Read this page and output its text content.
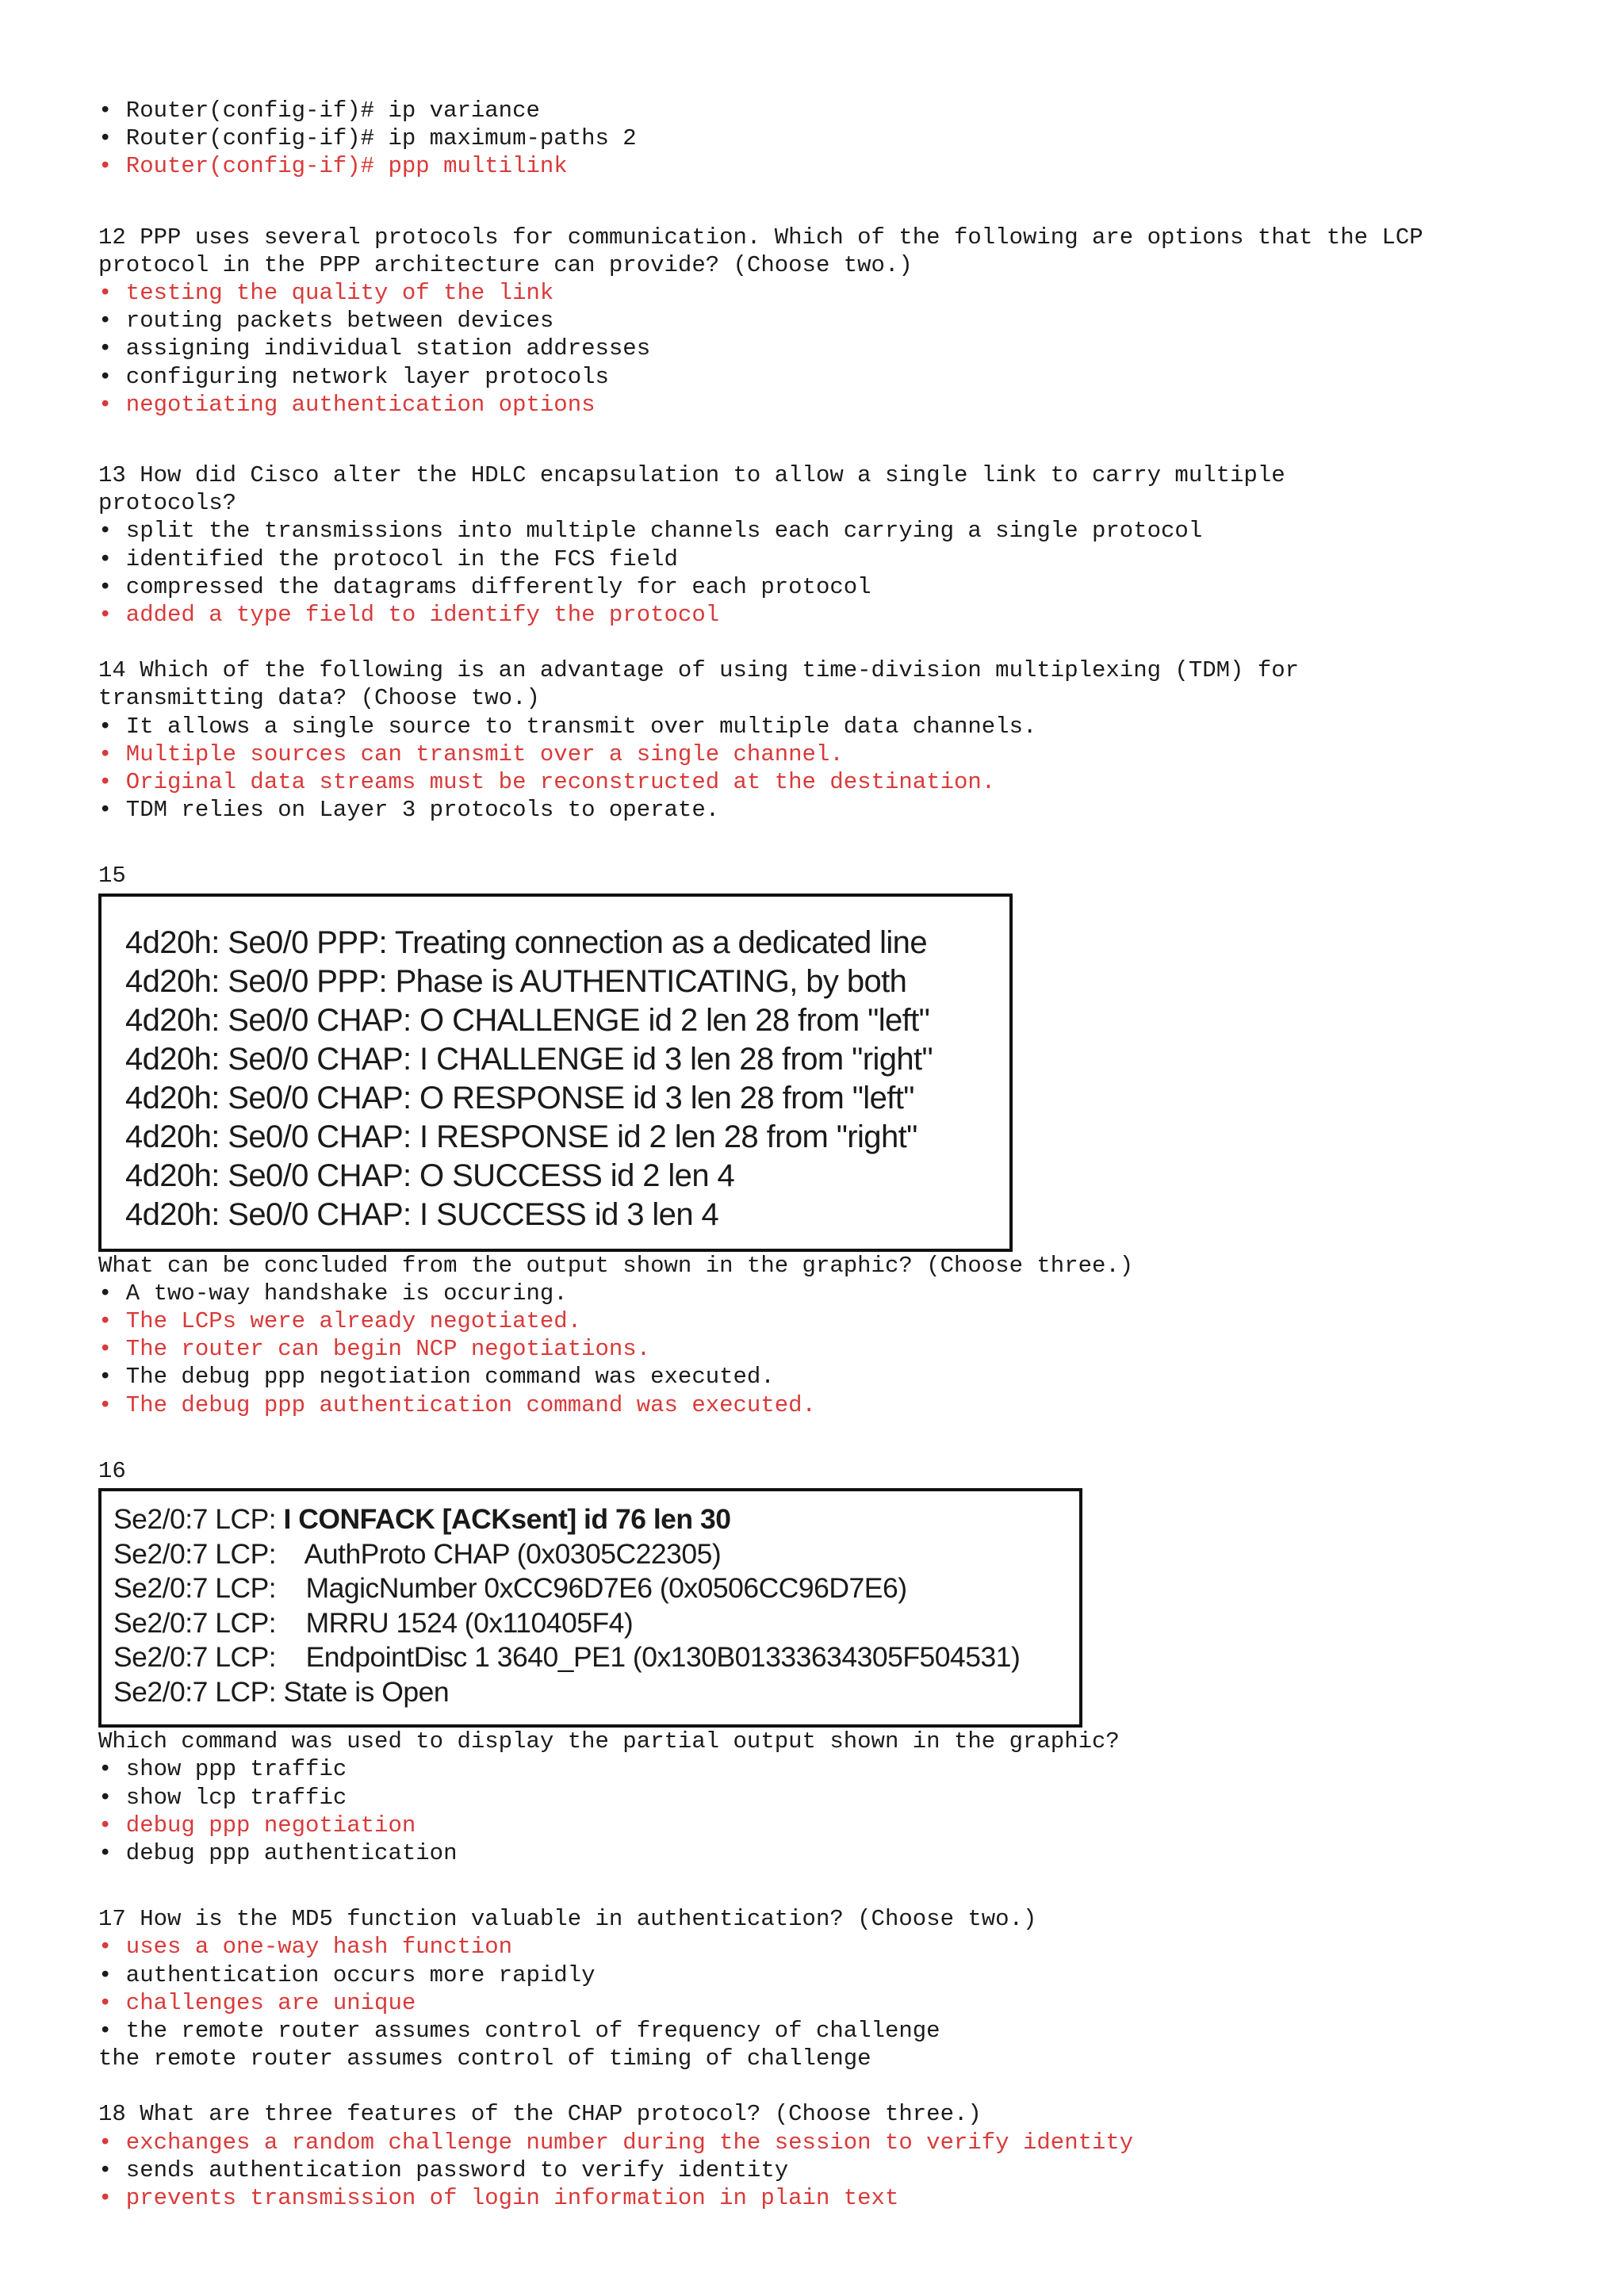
• Router(config-if)# ip variance

• Router(config-if)# ip maximum-paths 2

• Router(config-if)# ppp multilink

12 PPP uses several protocols for communication. Which of the following are options that the LCP

protocol in the PPP architecture can provide? (Choose two.)

• testing the quality of the link

• routing packets between devices

• assigning individual station addresses

• configuring network layer protocols

• negotiating authentication options

13 How did Cisco alter the HDLC encapsulation to allow a single link to carry multiple

protocols?

• split the transmissions into multiple channels each carrying a single protocol

• identified the protocol in the FCS field

• compressed the datagrams differently for each protocol

• added a type field to identify the protocol

14 Which of the following is an advantage of using time-division multiplexing (TDM) for

transmitting data? (Choose two.)

• It allows a single source to transmit over multiple data channels.

• Multiple sources can transmit over a single channel.

• Original data streams must be reconstructed at the destination.

• TDM relies on Layer 3 protocols to operate.

15

4d20h: Se0/0 PPP: Treating connection as a dedicated line
4d20h: Se0/0 PPP: Phase is AUTHENTICATING, by both
4d20h: Se0/0 CHAP: O CHALLENGE id 2 len 28 from "left"
4d20h: Se0/0 CHAP: I CHALLENGE id 3 len 28 from "right"
4d20h: Se0/0 CHAP: O RESPONSE id 3 len 28 from "left"
4d20h: Se0/0 CHAP: I RESPONSE id 2 len 28 from "right"
4d20h: Se0/0 CHAP: O SUCCESS id 2 len 4
4d20h: Se0/0 CHAP: I SUCCESS id 3 len 4

What can be concluded from the output shown in the graphic? (Choose three.)

• A two-way handshake is occuring.

• The LCPs were already negotiated.

• The router can begin NCP negotiations.

• The debug ppp negotiation command was executed.

• The debug ppp authentication command was executed.

16

Se2/0:7 LCP: I CONFACK [ACKsent] id 76 len 30
Se2/0:7 LCP:    AuthProto CHAP (0x0305C22305)
Se2/0:7 LCP:    MagicNumber 0xCC96D7E6 (0x0506CC96D7E6)
Se2/0:7 LCP:    MRRU 1524 (0x110405F4)
Se2/0:7 LCP:    EndpointDisc 1 3640_PE1 (0x130B01333634305F504531)
Se2/0:7 LCP: State is Open

Which command was used to display the partial output shown in the graphic?

• show ppp traffic

• show lcp traffic

• debug ppp negotiation

• debug ppp authentication

17 How is the MD5 function valuable in authentication? (Choose two.)

• uses a one-way hash function

• authentication occurs more rapidly

• challenges are unique

• the remote router assumes control of frequency of challenge

the remote router assumes control of timing of challenge

18 What are three features of the CHAP protocol? (Choose three.)

• exchanges a random challenge number during the session to verify identity

• sends authentication password to verify identity

• prevents transmission of login information in plain text
